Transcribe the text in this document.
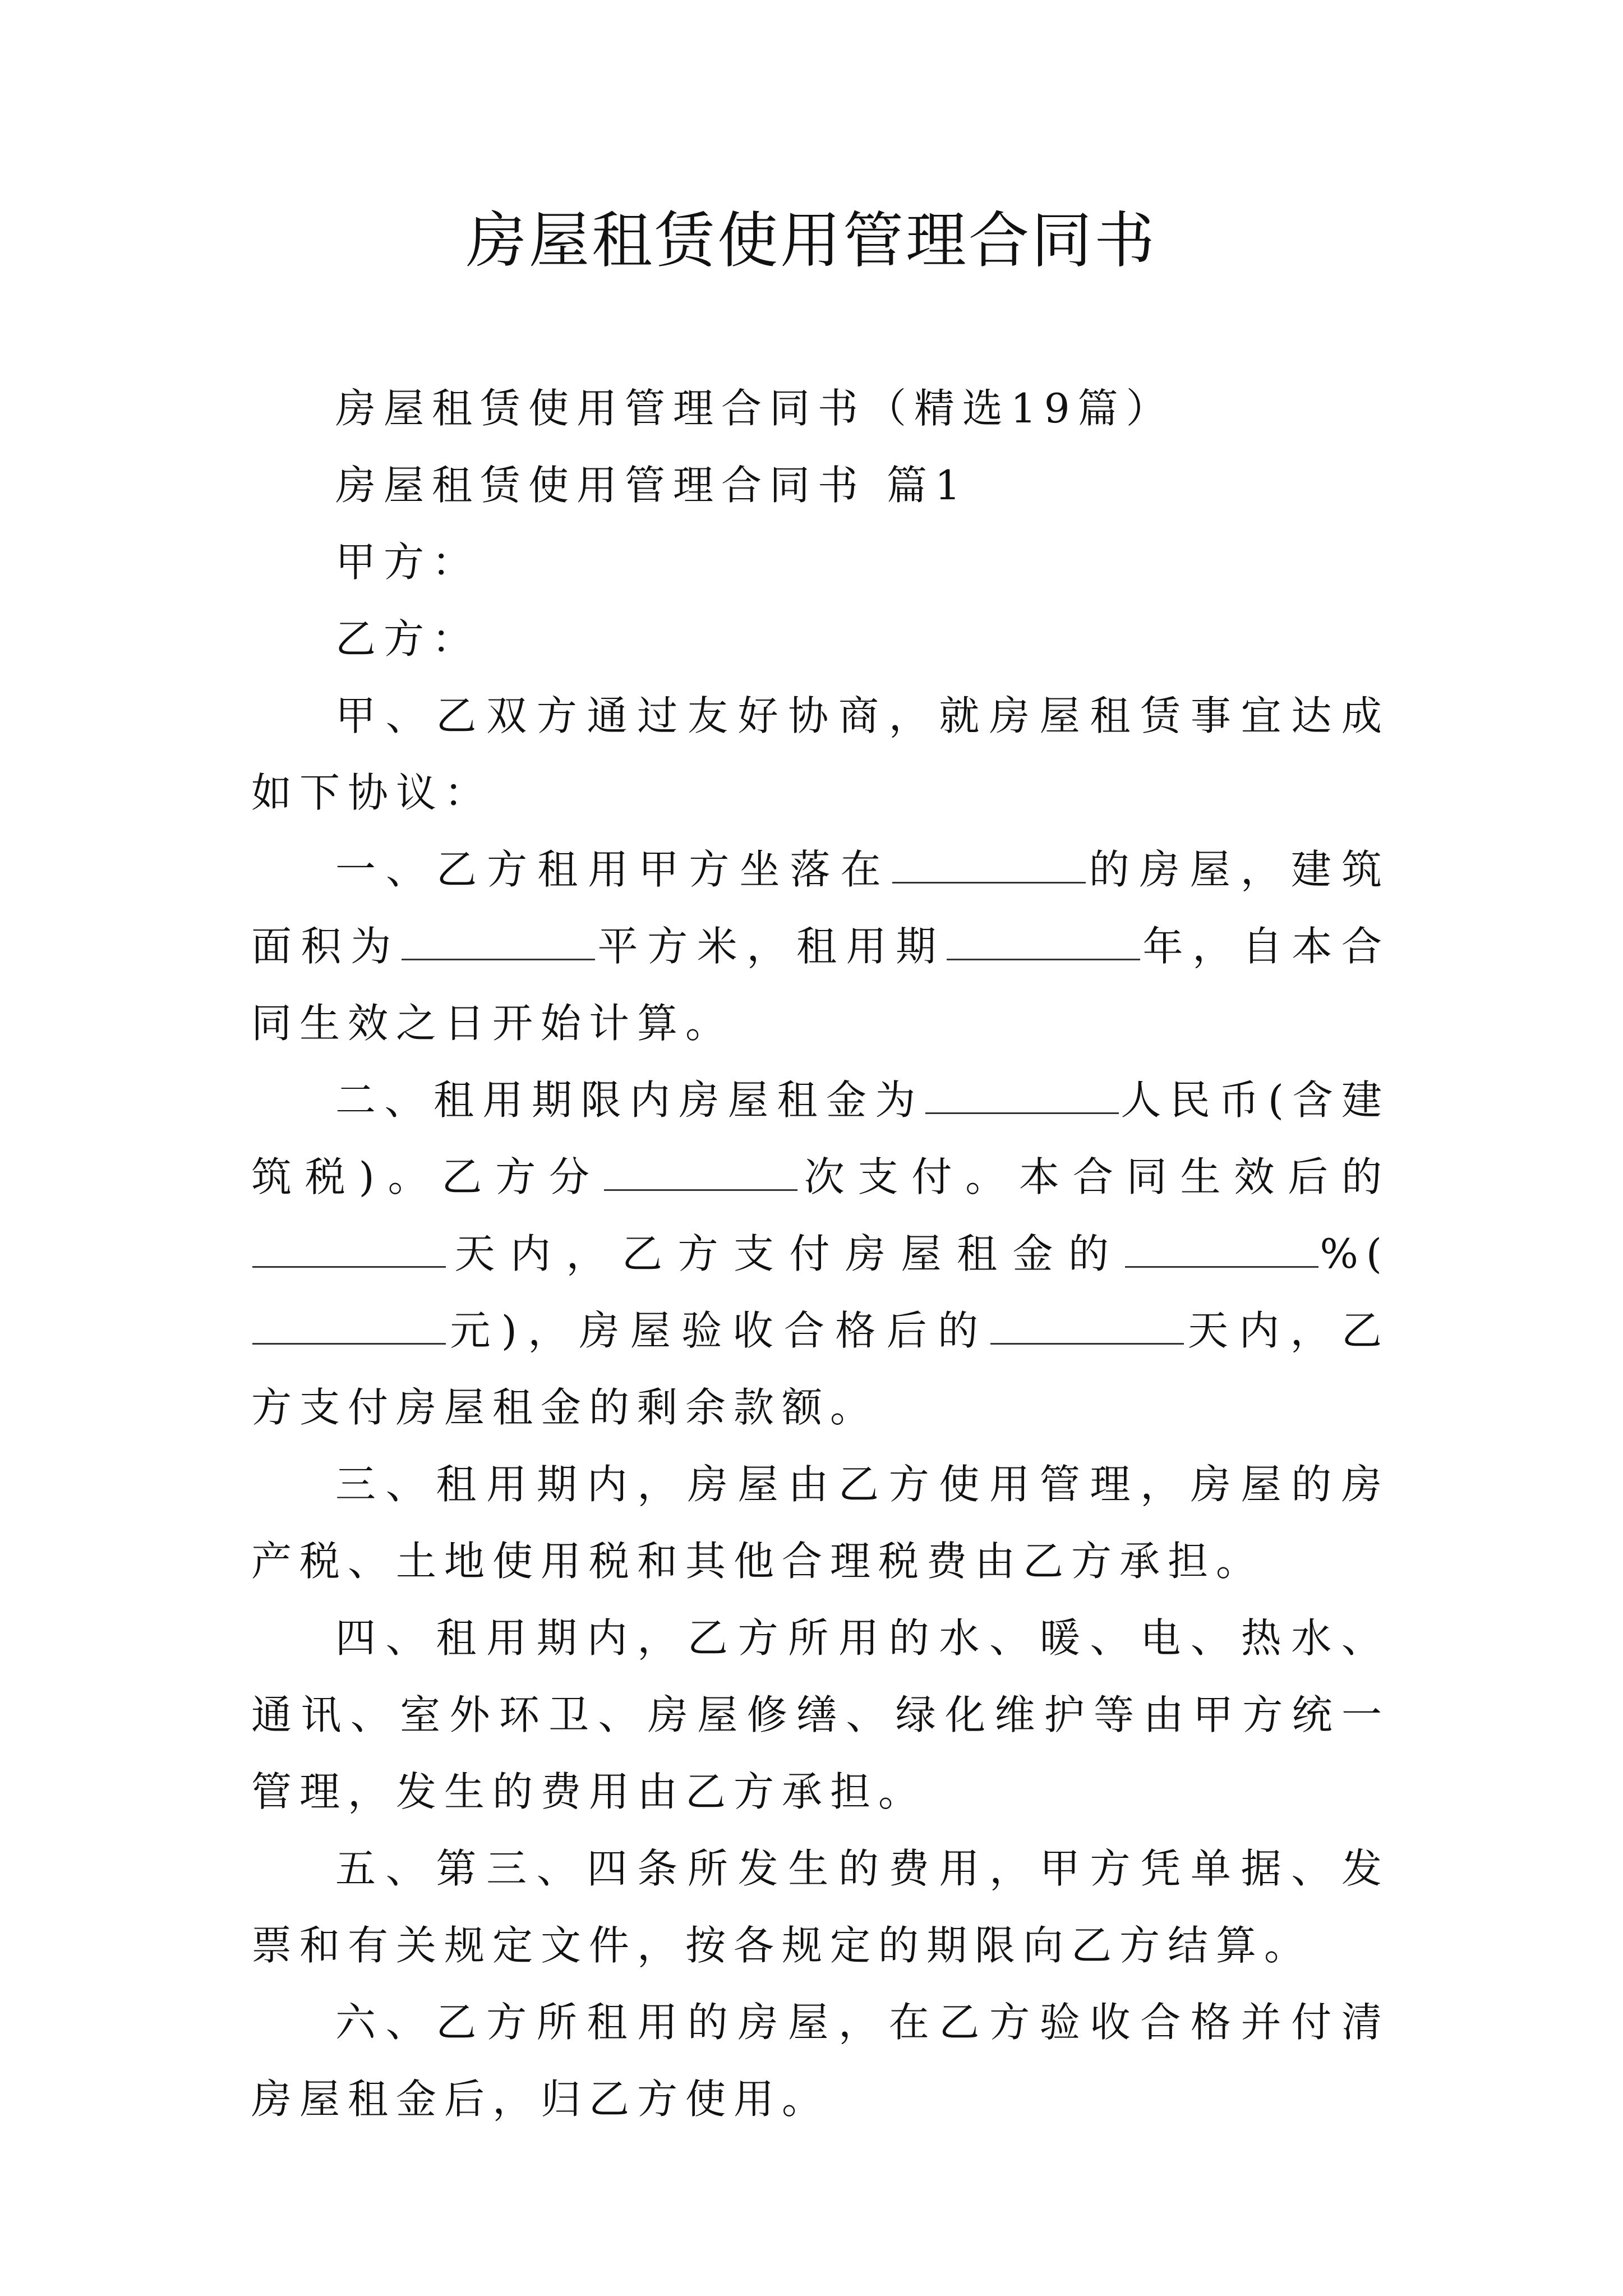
房屋租赁使用管理合同书

房屋租赁使用管理合同书（精选19篇）

房屋租赁使用管理合同书 篇1

甲方：

乙方：

甲、乙双方通过友好协商，就房屋租赁事宜达成如下协议：

一、乙方租用甲方坐落在	的房屋，建筑面积为	平方米，租用期	年，自本合同生效之日开始计算。

二、租用期限内房屋租金为	人民币(含建筑税)。乙方分	次支付。本合同生效后的天内，乙方支付房屋租金的	%(元)，房屋验收合格后的	天内，乙方支付房屋租金的剩余款额。

三、租用期内，房屋由乙方使用管理，房屋的房产税、土地使用税和其他合理税费由乙方承担。

四、租用期内，乙方所用的水、暖、电、热水、通讯、室外环卫、房屋修缮、绿化维护等由甲方统一管理，发生的费用由乙方承担。

五、第三、四条所发生的费用，甲方凭单据、发票和有关规定文件，按各规定的期限向乙方结算。

六、乙方所租用的房屋，在乙方验收合格并付清房屋租金后，归乙方使用。
